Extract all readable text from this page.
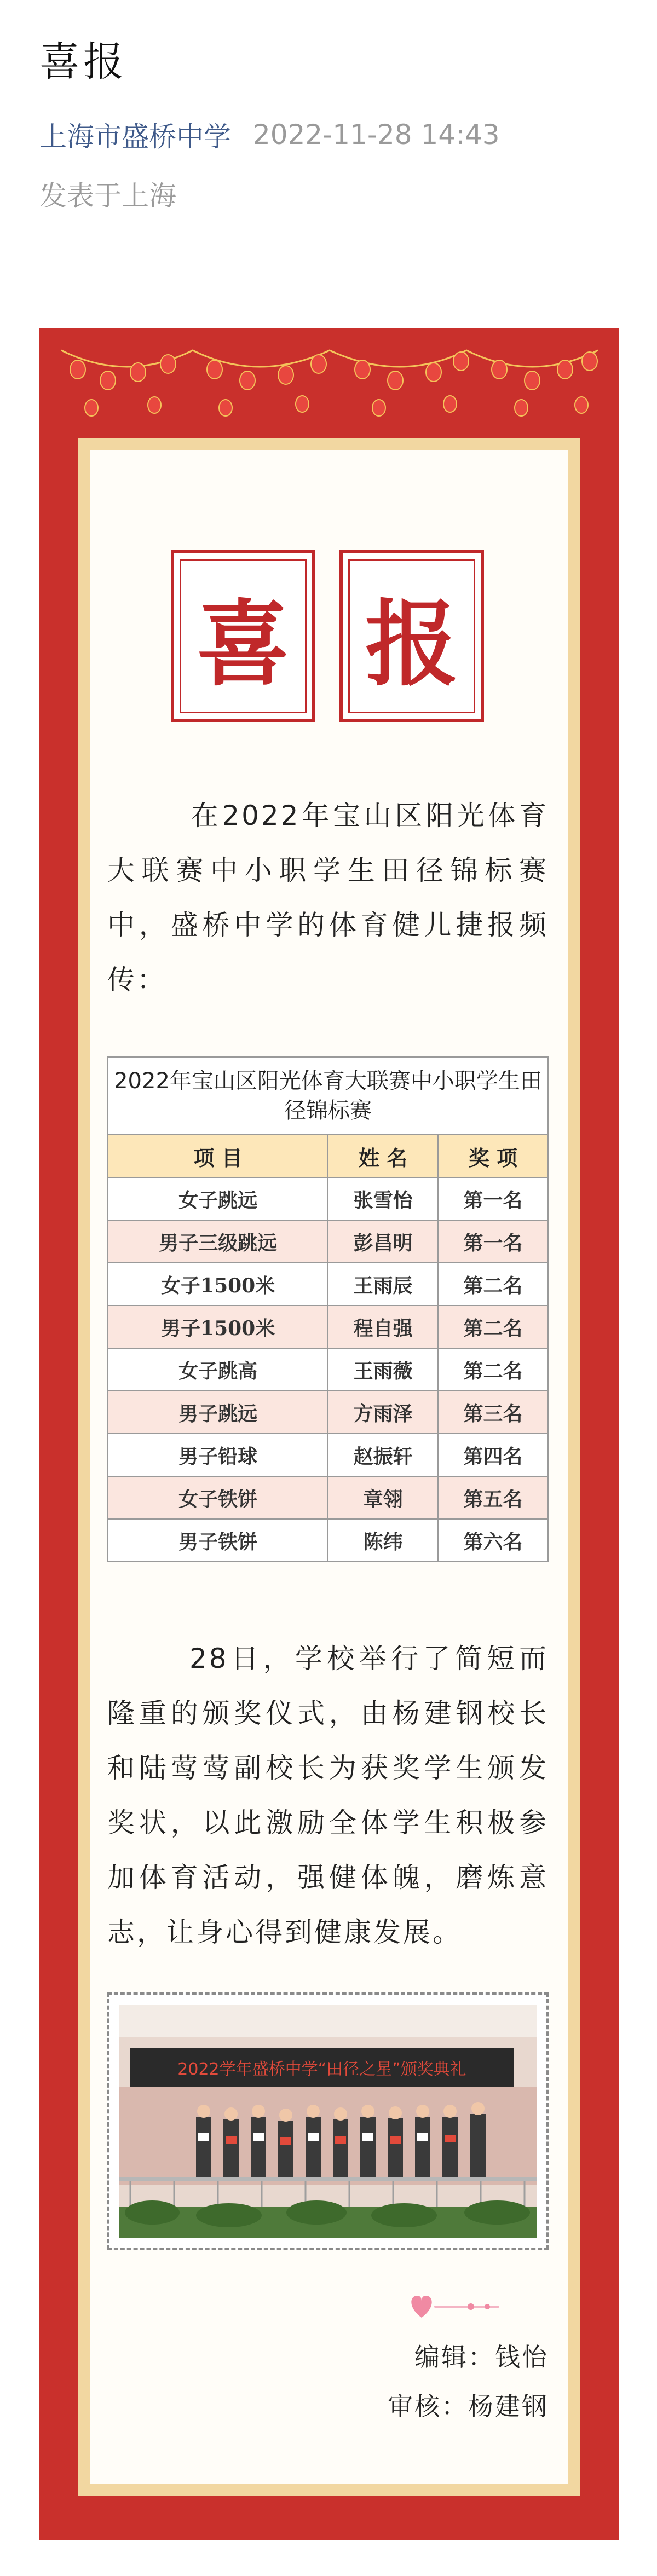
喜报
上海市盛桥中学 2022-11-28 14:43
发表于上海
喜 报
在2022年宝山区阳光体育大联赛中小职学生田径锦标赛中，盛桥中学的体育健儿捷报频传：
2022年宝山区阳光体育大联赛中小职学生田径锦标赛		
项 目	姓 名	奖 项
女子跳远	张雪怡	第一名
男子三级跳远	彭昌明	第一名
女子1500米	王雨辰	第二名
男子1500米	程自强	第二名
女子跳高	王雨薇	第二名
男子跳远	方雨泽	第三名
男子铅球	赵振轩	第四名
女子铁饼	章翎	第五名
男子铁饼	陈纬	第六名
28日，学校举行了简短而隆重的颁奖仪式，由杨建钢校长和陆莺莺副校长为获奖学生颁发奖状，以此激励全体学生积极参加体育活动，强健体魄，磨炼意志，让身心得到健康发展。
2022学年盛桥中学“田径之星”颁奖典礼
编辑：钱怡
审核：杨建钢
